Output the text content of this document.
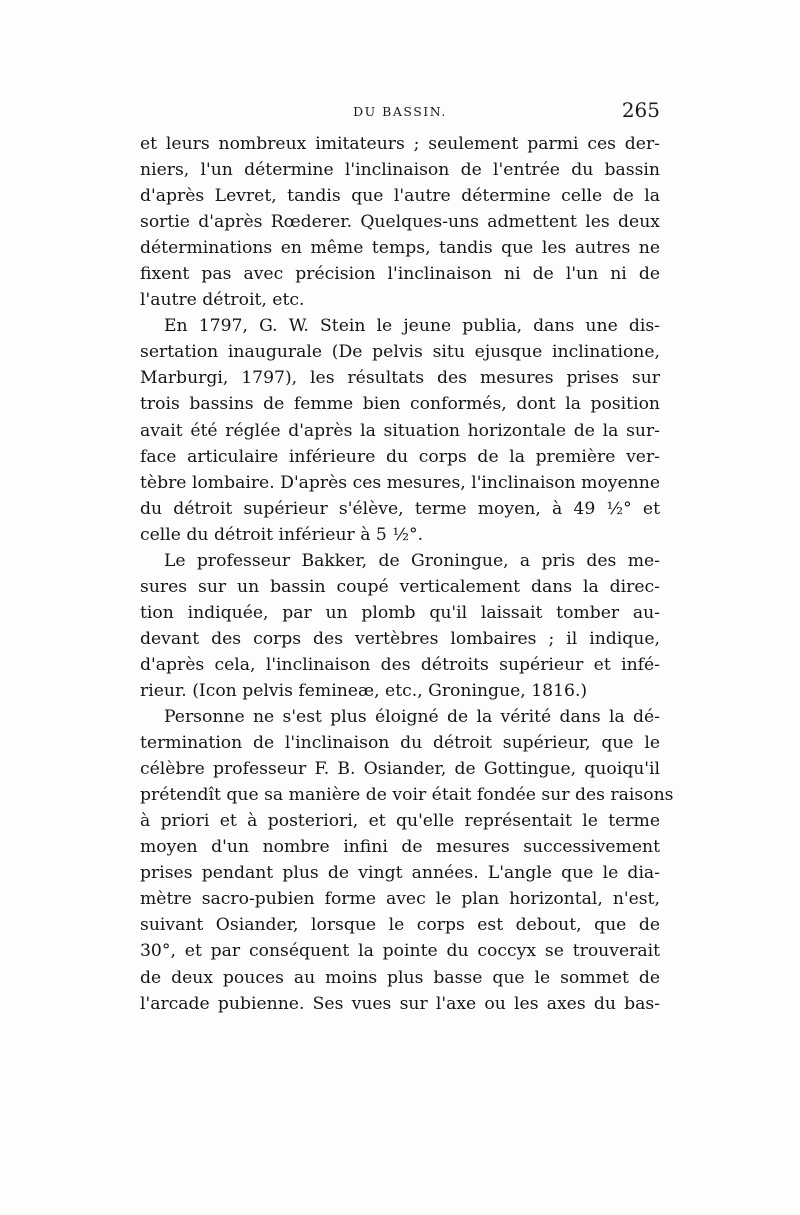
DU BASSIN.	265
et leurs nombreux imitateurs ; seulement parmi ces der-
niers, l'un détermine l'inclinaison de l'entrée du bassin
d'après Levret, tandis que l'autre détermine celle de la
sortie d'après Rœderer. Quelques-uns admettent les deux
déterminations en même temps, tandis que les autres ne
fixent pas avec précision l'inclinaison ni de l'un ni de
l'autre détroit, etc.
En 1797, G. W. Stein le jeune publia, dans une dis-
sertation inaugurale (De pelvis situ ejusque inclinatione,
Marburgi, 1797), les résultats des mesures prises sur
trois bassins de femme bien conformés, dont la position
avait été réglée d'après la situation horizontale de la sur-
face articulaire inférieure du corps de la première ver-
tèbre lombaire. D'après ces mesures, l'inclinaison moyenne
du détroit supérieur s'élève, terme moyen, à 49 ½° et
celle du détroit inférieur à 5 ½°.
Le professeur Bakker, de Groningue, a pris des me-
sures sur un bassin coupé verticalement dans la direc-
tion indiquée, par un plomb qu'il laissait tomber au-
devant des corps des vertèbres lombaires ; il indique,
d'après cela, l'inclinaison des détroits supérieur et infé-
rieur. (Icon pelvis femineæ, etc., Groningue, 1816.)
Personne ne s'est plus éloigné de la vérité dans la dé-
termination de l'inclinaison du détroit supérieur, que le
célèbre professeur F. B. Osiander, de Gottingue, quoiqu'il
prétendît que sa manière de voir était fondée sur des raisons
à priori et à posteriori, et qu'elle représentait le terme
moyen d'un nombre infini de mesures successivement
prises pendant plus de vingt années. L'angle que le dia-
mètre sacro-pubien forme avec le plan horizontal, n'est,
suivant Osiander, lorsque le corps est debout, que de
30°, et par conséquent la pointe du coccyx se trouverait
de deux pouces au moins plus basse que le sommet de
l'arcade pubienne. Ses vues sur l'axe ou les axes du bas-
